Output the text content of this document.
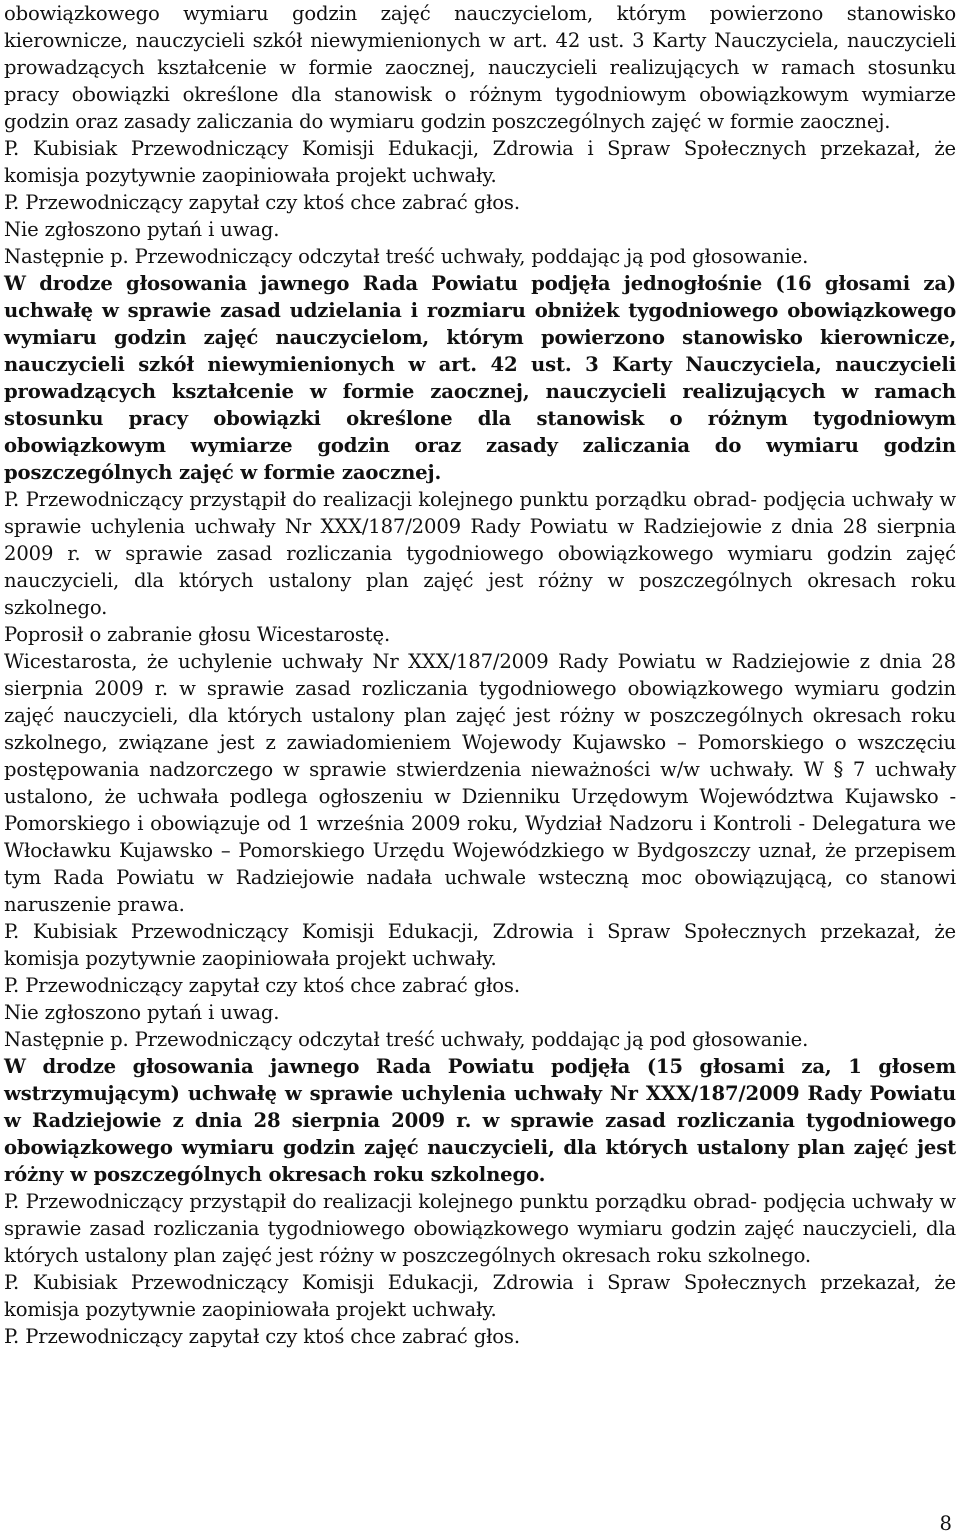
obowiązkowego wymiaru godzin zajęć nauczycielom, którym powierzono stanowisko kierownicze, nauczycieli szkół niewymienionych w art. 42 ust. 3 Karty Nauczyciela, nauczycieli prowadzących kształcenie w formie zaocznej, nauczycieli realizujących w ramach stosunku pracy obowiązki określone dla stanowisk o różnym tygodniowym obowiązkowym wymiarze godzin oraz zasady zaliczania do wymiaru godzin poszczególnych zajęć w formie zaocznej.

P. Kubisiak Przewodniczący Komisji Edukacji, Zdrowia i Spraw Społecznych przekazał, że komisja pozytywnie zaopiniowała projekt uchwały.

P. Przewodniczący zapytał czy ktoś chce zabrać głos.

Nie zgłoszono pytań i uwag.

Następnie p. Przewodniczący odczytał treść uchwały, poddając ją pod głosowanie.

W drodze głosowania jawnego Rada Powiatu podjęła jednogłośnie (16 głosami za) uchwałę w sprawie zasad udzielania i rozmiaru obniżek tygodniowego obowiązkowego wymiaru godzin zajęć nauczycielom, którym powierzono stanowisko kierownicze, nauczycieli szkół niewymienionych w art. 42 ust. 3 Karty Nauczyciela, nauczycieli prowadzących kształcenie w formie zaocznej, nauczycieli realizujących w ramach stosunku pracy obowiązki określone dla stanowisk o różnym tygodniowym obowiązkowym wymiarze godzin oraz zasady zaliczania do wymiaru godzin poszczególnych zajęć w formie zaocznej.

P. Przewodniczący przystąpił do realizacji kolejnego punktu porządku obrad- podjęcia uchwały w sprawie uchylenia uchwały Nr XXX/187/2009 Rady Powiatu w Radziejowie z dnia 28 sierpnia 2009 r. w sprawie zasad rozliczania tygodniowego obowiązkowego wymiaru godzin zajęć nauczycieli, dla których ustalony plan zajęć jest różny w poszczególnych okresach roku szkolnego.

Poprosił o zabranie głosu Wicestarostę.

Wicestarosta, że uchylenie uchwały Nr XXX/187/2009 Rady Powiatu w Radziejowie z dnia 28 sierpnia 2009 r. w sprawie zasad rozliczania tygodniowego obowiązkowego wymiaru godzin zajęć nauczycieli, dla których ustalony plan zajęć jest różny w poszczególnych okresach roku szkolnego, związane jest z zawiadomieniem Wojewody Kujawsko – Pomorskiego o wszczęciu postępowania nadzorczego w sprawie stwierdzenia nieważności w/w uchwały. W § 7 uchwały ustalono, że uchwała podlega ogłoszeniu w Dzienniku Urzędowym Województwa Kujawsko - Pomorskiego i obowiązuje od 1 września 2009 roku, Wydział Nadzoru i Kontroli - Delegatura we Włocławku Kujawsko – Pomorskiego Urzędu Wojewódzkiego w Bydgoszczy uznał, że przepisem tym Rada Powiatu w Radziejowie nadała uchwale wsteczną moc obowiązującą, co stanowi naruszenie prawa.

P. Kubisiak Przewodniczący Komisji Edukacji, Zdrowia i Spraw Społecznych przekazał, że komisja pozytywnie zaopiniowała projekt uchwały.

P. Przewodniczący zapytał czy ktoś chce zabrać głos.

Nie zgłoszono pytań i uwag.

Następnie p. Przewodniczący odczytał treść uchwały, poddając ją pod głosowanie.

W drodze głosowania jawnego Rada Powiatu podjęła (15 głosami za, 1 głosem wstrzymującym) uchwałę w sprawie uchylenia uchwały Nr XXX/187/2009 Rady Powiatu w Radziejowie z dnia 28 sierpnia 2009 r. w sprawie zasad rozliczania tygodniowego obowiązkowego wymiaru godzin zajęć nauczycieli, dla których ustalony plan zajęć jest różny w poszczególnych okresach roku szkolnego.

P. Przewodniczący przystąpił do realizacji kolejnego punktu porządku obrad- podjęcia uchwały w sprawie zasad rozliczania tygodniowego obowiązkowego wymiaru godzin zajęć nauczycieli, dla których ustalony plan zajęć jest różny w poszczególnych okresach roku szkolnego.

P. Kubisiak Przewodniczący Komisji Edukacji, Zdrowia i Spraw Społecznych przekazał, że komisja pozytywnie zaopiniowała projekt uchwały.

P. Przewodniczący zapytał czy ktoś chce zabrać głos.

8
